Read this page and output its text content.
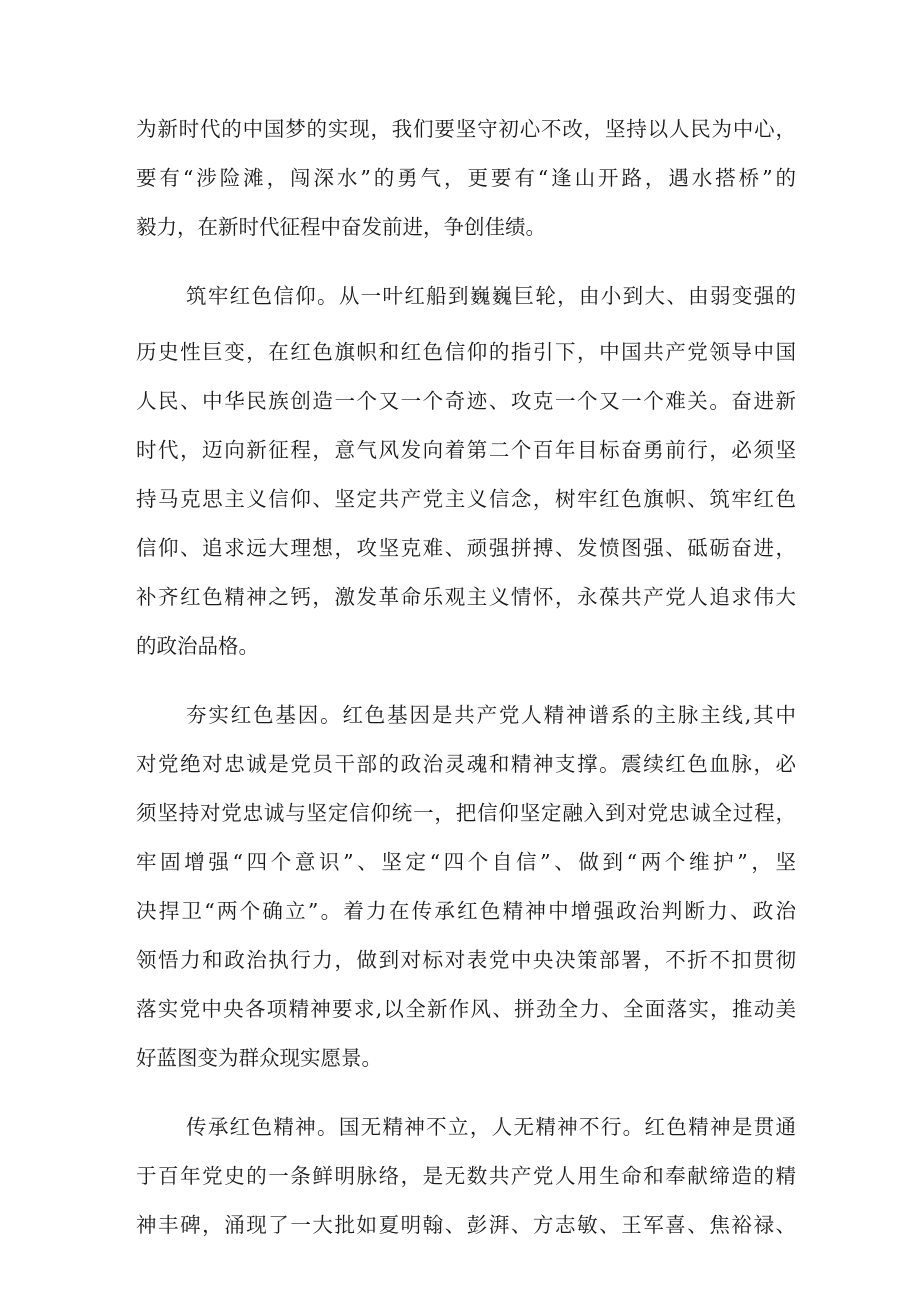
为新时代的中国梦的实现，我们要坚守初心不改，坚持以人民为中心，
要有“涉险滩，闯深水”的勇气，更要有“逢山开路，遇水搭桥”的
毅力，在新时代征程中奋发前进，争创佳绩。
筑牢红色信仰。从一叶红船到巍巍巨轮，由小到大、由弱变强的
历史性巨变，在红色旗帜和红色信仰的指引下，中国共产党领导中国
人民、中华民族创造一个又一个奇迹、攻克一个又一个难关。奋进新
时代，迈向新征程，意气风发向着第二个百年目标奋勇前行，必须坚
持马克思主义信仰、坚定共产党主义信念，树牢红色旗帜、筑牢红色
信仰、追求远大理想，攻坚克难、顽强拼搏、发愤图强、砥砺奋进，
补齐红色精神之钙，激发革命乐观主义情怀，永葆共产党人追求伟大
的政治品格。
夯实红色基因。红色基因是共产党人精神谱系的主脉主线,其中
对党绝对忠诚是党员干部的政治灵魂和精神支撑。震续红色血脉，必
须坚持对党忠诚与坚定信仰统一，把信仰坚定融入到对党忠诚全过程，
牢固增强“四个意识”、坚定“四个自信”、做到“两个维护”，坚
决捍卫“两个确立”。着力在传承红色精神中增强政治判断力、政治
领悟力和政治执行力，做到对标对表党中央决策部署，不折不扣贯彻
落实党中央各项精神要求,以全新作风、拼劲全力、全面落实，推动美
好蓝图变为群众现实愿景。
传承红色精神。国无精神不立，人无精神不行。红色精神是贯通
于百年党史的一条鲜明脉络，是无数共产党人用生命和奉献缔造的精
神丰碑，涌现了一大批如夏明翰、彭湃、方志敏、王军喜、焦裕禄、
